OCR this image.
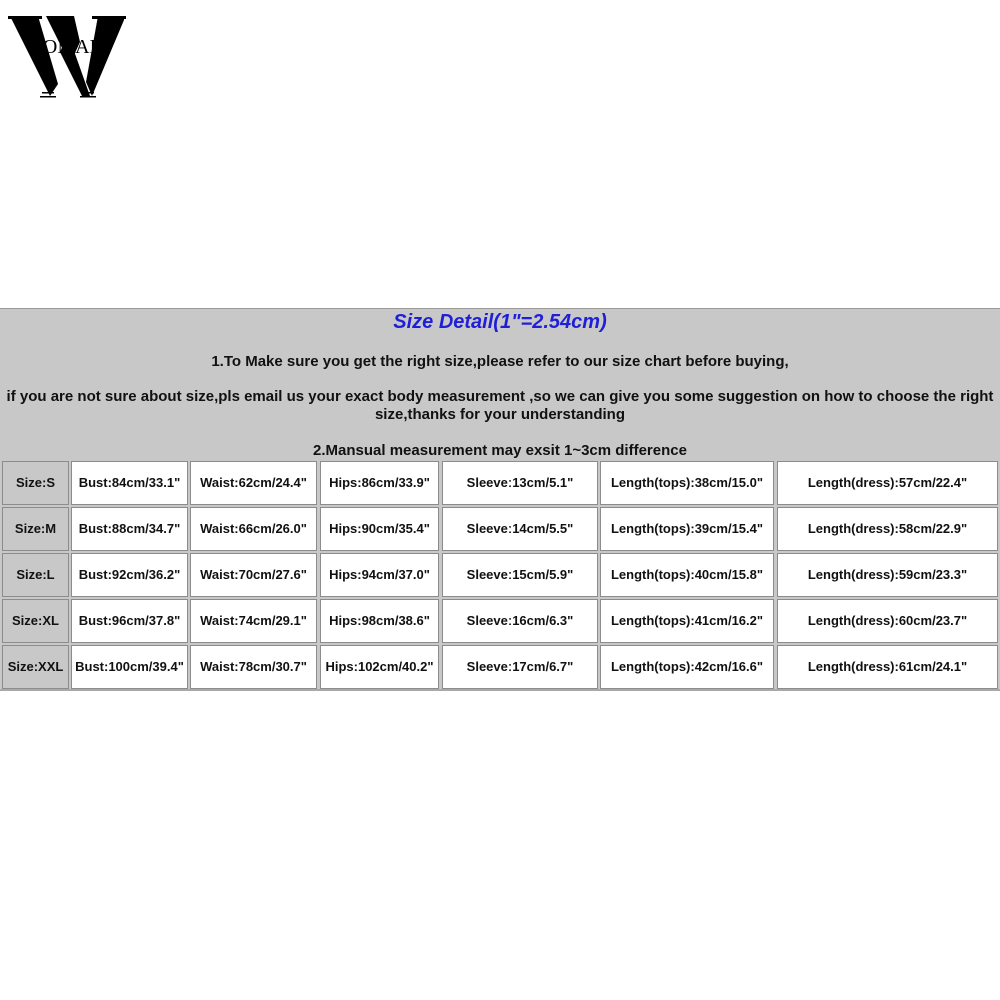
WOMAIL
Size Detail(1"=2.54cm)
1.To Make sure you get the right size,please refer to our size chart before buying,
if you are not sure about size,pls email us your exact body measurement ,so we can give you some suggestion on how to choose the right size,thanks for your understanding
2.Mansual measurement may exsit 1~3cm difference
Size:S	Bust:84cm/33.1"	Waist:62cm/24.4"	Hips:86cm/33.9"	Sleeveː13cm/5.1"	Length(tops):38cm/15.0"	Length(dress):57cm/22.4"
Size:M	Bust:88cm/34.7"	Waist:66cm/26.0"	Hips:90cm/35.4"	Sleeveː14cm/5.5"	Length(tops):39cm/15.4"	Length(dress):58cm/22.9"
Size:L	Bust:92cm/36.2"	Waist:70cm/27.6"	Hips:94cm/37.0"	Sleeveː15cm/5.9"	Length(tops):40cm/15.8"	Length(dress):59cm/23.3"
Size:XL	Bust:96cm/37.8"	Waist:74cm/29.1"	Hips:98cm/38.6"	Sleeveː16cm/6.3"	Length(tops):41cm/16.2"	Length(dress):60cm/23.7"
Size:XXL Bust:100cm/39.4"	Waist:78cm/30.7"	Hips:102cm/40.2"	Sleeveː17cm/6.7"	Length(tops):42cm/16.6"	Length(dress):61cm/24.1"
